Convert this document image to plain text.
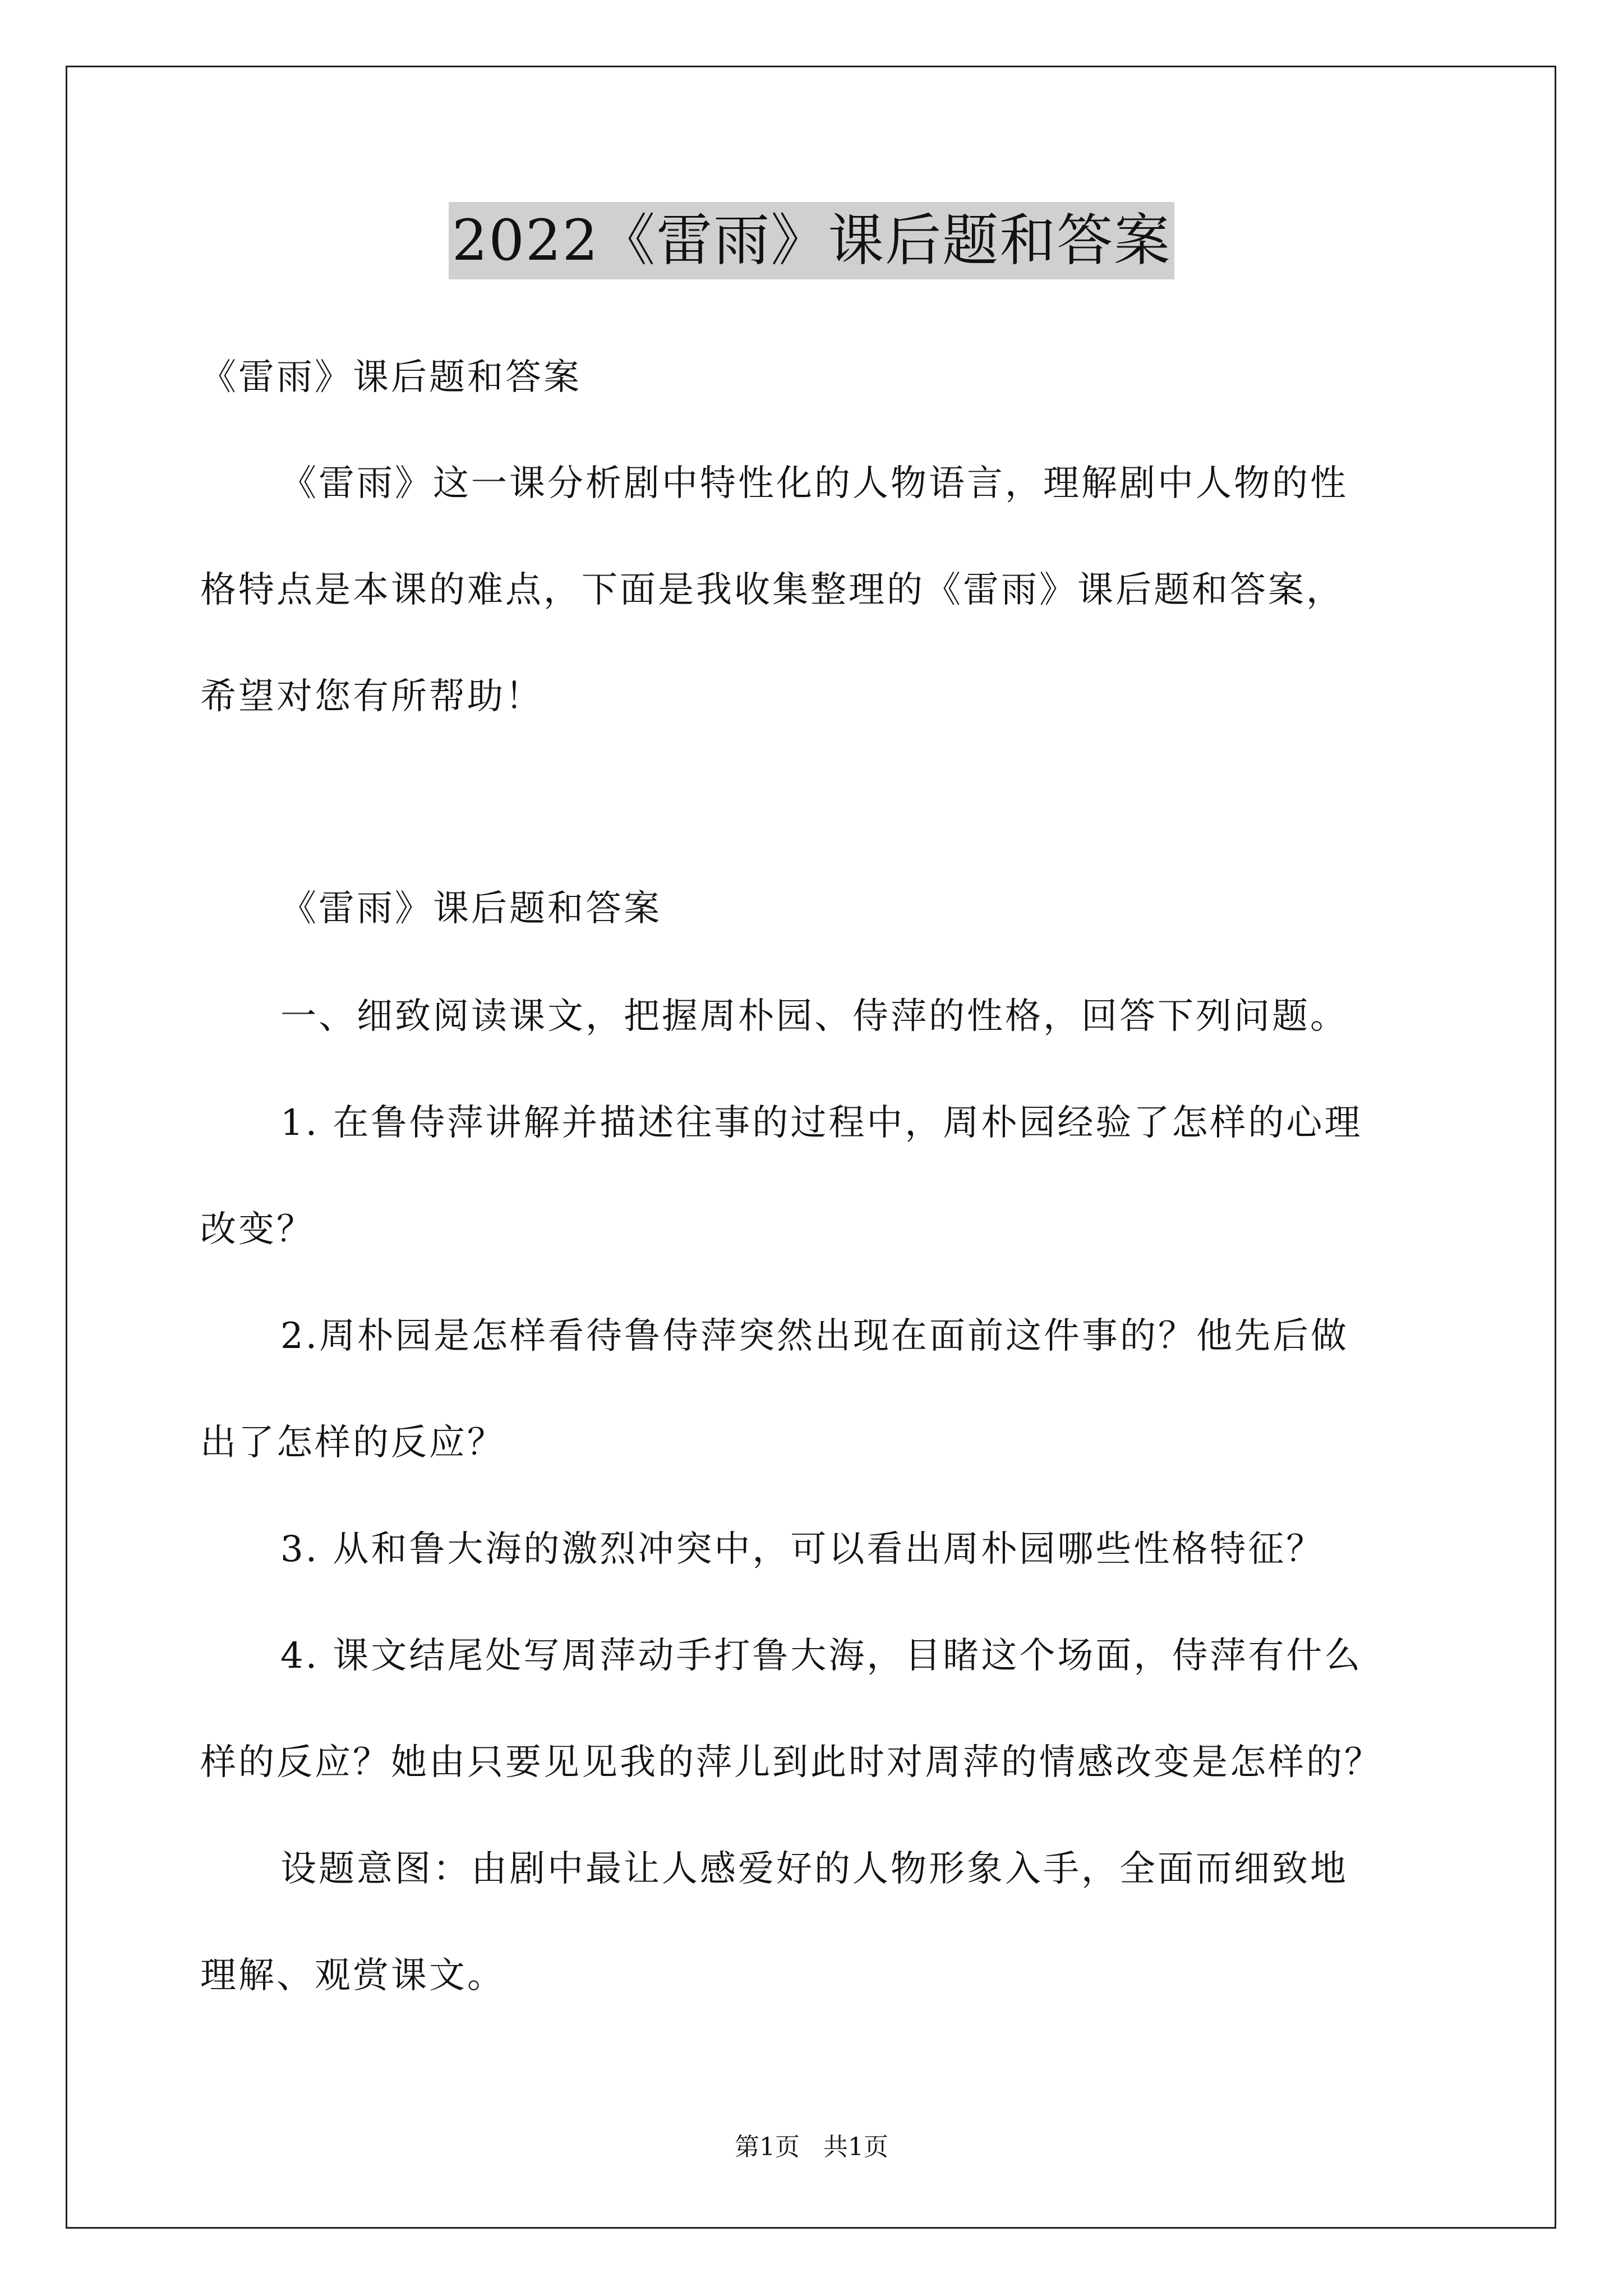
2022《雷雨》课后题和答案
《雷雨》课后题和答案
《雷雨》这一课分析剧中特性化的人物语言，理解剧中人物的性
格特点是本课的难点，下面是我收集整理的《雷雨》课后题和答案，
希望对您有所帮助！
《雷雨》课后题和答案
一、细致阅读课文，把握周朴园、侍萍的性格，回答下列问题。
1. 在鲁侍萍讲解并描述往事的过程中，周朴园经验了怎样的心理
改变？
2.周朴园是怎样看待鲁侍萍突然出现在面前这件事的？他先后做
出了怎样的反应？
3. 从和鲁大海的激烈冲突中，可以看出周朴园哪些性格特征？
4. 课文结尾处写周萍动手打鲁大海，目睹这个场面，侍萍有什么
样的反应？她由只要见见我的萍儿到此时对周萍的情感改变是怎样的？
设题意图：由剧中最让人感爱好的人物形象入手，全面而细致地
理解、观赏课文。
第1页 共1页
